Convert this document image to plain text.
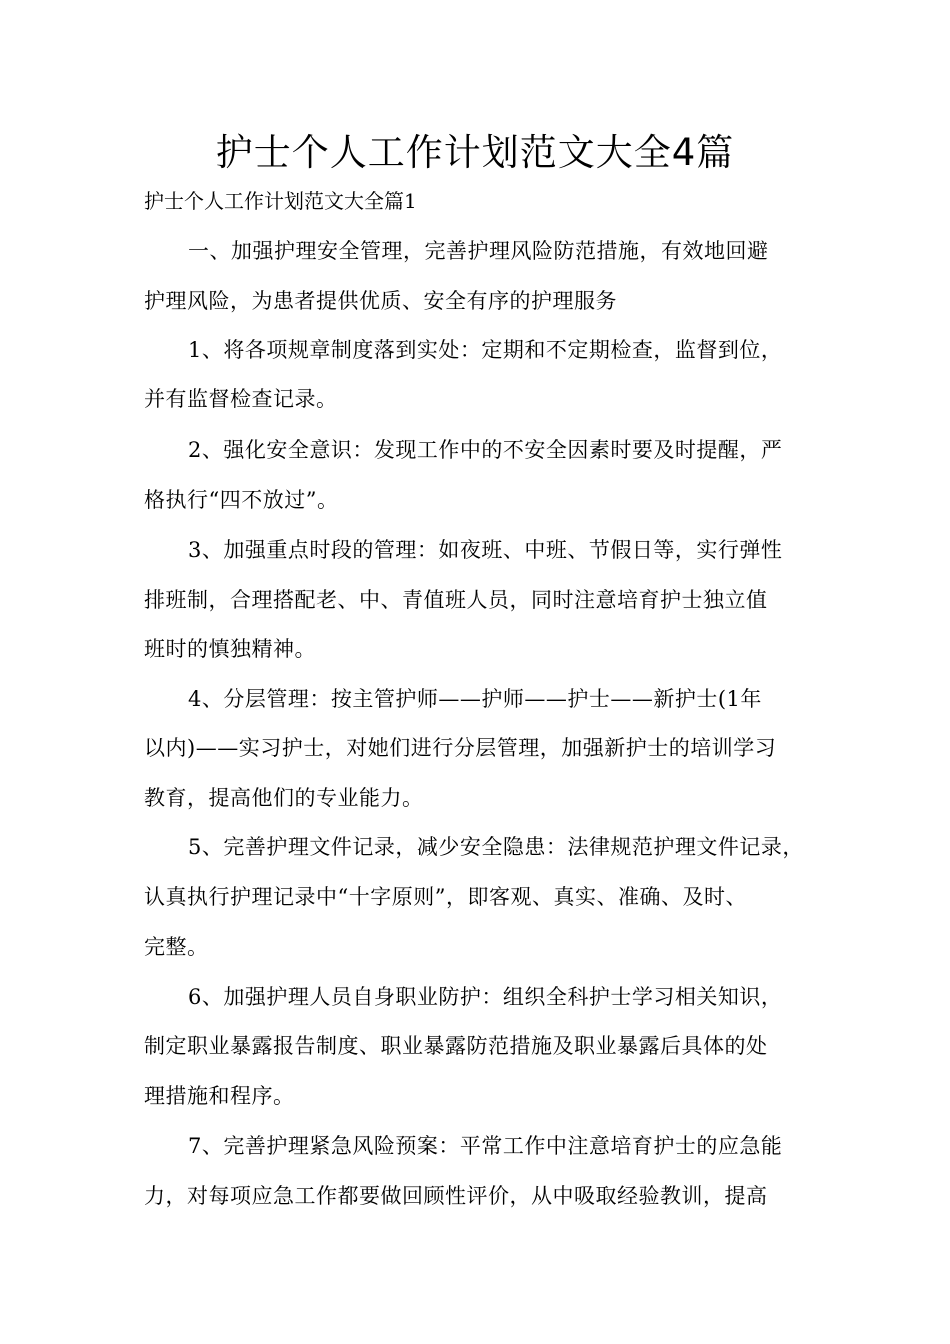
护士个人工作计划范文大全4篇
护士个人工作计划范文大全篇1
一、加强护理安全管理，完善护理风险防范措施，有效地回避
护理风险，为患者提供优质、安全有序的护理服务
1、将各项规章制度落到实处：定期和不定期检查，监督到位，
并有监督检查记录。
2、强化安全意识：发现工作中的不安全因素时要及时提醒，严
格执行“四不放过”。
3、加强重点时段的管理：如夜班、中班、节假日等，实行弹性
排班制，合理搭配老、中、青值班人员，同时注意培育护士独立值
班时的慎独精神。
4、分层管理：按主管护师——护师——护士——新护士(1年
以内)——实习护士，对她们进行分层管理，加强新护士的培训学习
教育，提高他们的专业能力。
5、完善护理文件记录，减少安全隐患：法律规范护理文件记录，
认真执行护理记录中“十字原则”，即客观、真实、准确、及时、
完整。
6、加强护理人员自身职业防护：组织全科护士学习相关知识，
制定职业暴露报告制度、职业暴露防范措施及职业暴露后具体的处
理措施和程序。
7、完善护理紧急风险预案：平常工作中注意培育护士的应急能
力，对每项应急工作都要做回顾性评价，从中吸取经验教训，提高
